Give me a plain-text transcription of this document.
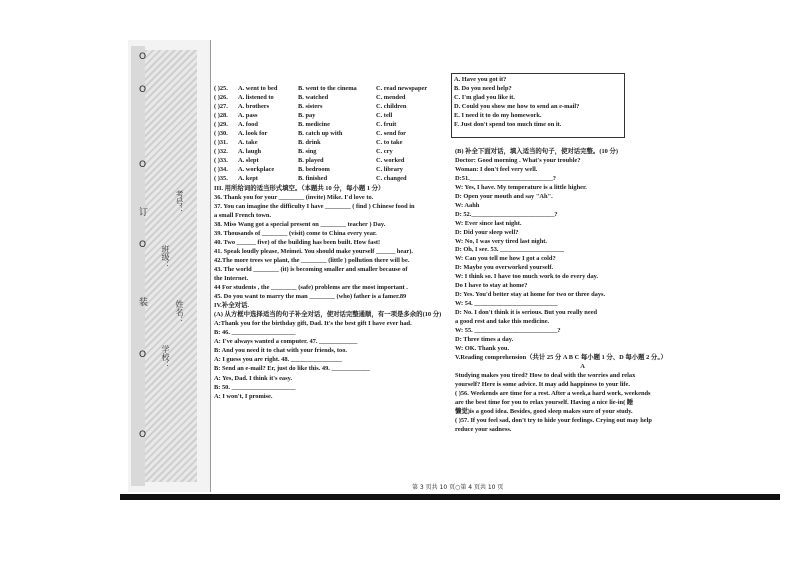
O
O
O
订
O
装
O
O
考号：
班级：
姓名：
学校：
( )25.	A. went to bed	B. went to the cinema	C. read newspaper
( )26.	A. listened to	B. watched	C. mended
( )27.	A. brothers	B. sisters	C. children
( )28.	A. pass	B. pay	C. tell
( )29.	A. food	B. medicine	C. fruit
( )30.	A. look for	B. catch up with	C. send for
( )31.	A. take	B. drink	C. to take
( )32.	A. laugh	B. sing	C. cry
( )33.	A. slept	B. played	C. worked
( )34.	A. workplace	B. bedroom	C. library
( )35.	A. kept	B. finished	C. changed
III. 用所给词的适当形式填空。（本题共 10 分，每小题 1 分）
36. Thank you for your ________ (invite) Mike. I'd love to.
37. You can imagine the difficulty I have ________ ( find ) Chinese food in
a small French town.
38. Miss Wang got a special present on ________ teacher ) Day.
39. Thousands of ________ (visit) come to China every year.
40. Two ______ five) of the building has been built. How fast!
41. Speak loudly please, Meimei. You should make yourself ______ hear).
42.The more trees we plant, the ________ (little ) pollution there will be.
43. The world ________ (it) is becoming smaller and smaller because of
the Internet.
44 For students , the ________ (safe) problems are the most important .
45. Do you want to marry the man ________ (who) father is a famer.89
IV.补全对话.
(A) 从方框中选择适当的句子补全对话，使对话完整通顺，有一项是多余的(10 分)
A:Thank you for the birthday gift, Dad. It's the best gift I have ever had.
B: 46. ____________________
A: I've always wanted a computer. 47. ____________
B: And you need it to chat with your friends, too.
A: I guess you are right. 48. ________________
B: Send an e-mail? Er, just do like this. 49. ____________
A: Yes, Dad. I think it's easy.
B: 50. ____________________
A: I won't, I promise.
A. Have you got it?
B. Do you need help?
C. I'm glad you like it.
D. Could you show me how to send an e-mail?
E. I need it to do my homework.
F. Just don't spend too much time on it.
(B) 补全下面对话，填入适当的句子，使对话完整。(10 分)
Doctor: Good morning . What's your trouble?
Woman: I don't feel very well.
D:51.__________________________?
W: Yes, I have. My temperature is a little higher.
D: Open your mouth and say "Ah".
W: Aahh
D: 52.__________________________?
W: Ever since last night.
D: Did your sleep well?
W: No, I was very tired last night.
D: Oh, I see. 53. ____________________
W: Can you tell me how I got a cold?
D: Maybe you overworked yourself.
W: I think so. I have too much work to do every day.
Do I have to stay at home?
D: Yes. You'd better stay at home for two or three days.
W: 54. __________________________
D: No. I don't think it is serious. But you really need
a good rest and take this medicine.
W: 55. __________________________?
D: Three times a day.
W: OK. Thank you.
V.Reading comprehension（共计 25 分 A B C 每小题 1 分、D 每小题 2 分。）
A
Studying makes you tired? How to deal with the worries and relax
yourself? Here is some advice. It may add happiness to your life.
( )56. Weekends are time for a rest. After a week,a hard work, weekends
are the best time for you to relax yourself. Having a nice lie-in( 睡
懒觉)is a good idea. Besides, good sleep makes sure of your study.
( )57. If you feel sad, don't try to hide your feelings. Crying out may help
reduce your sadness.
第 3 页共 10 页○第 4 页共 10 页
